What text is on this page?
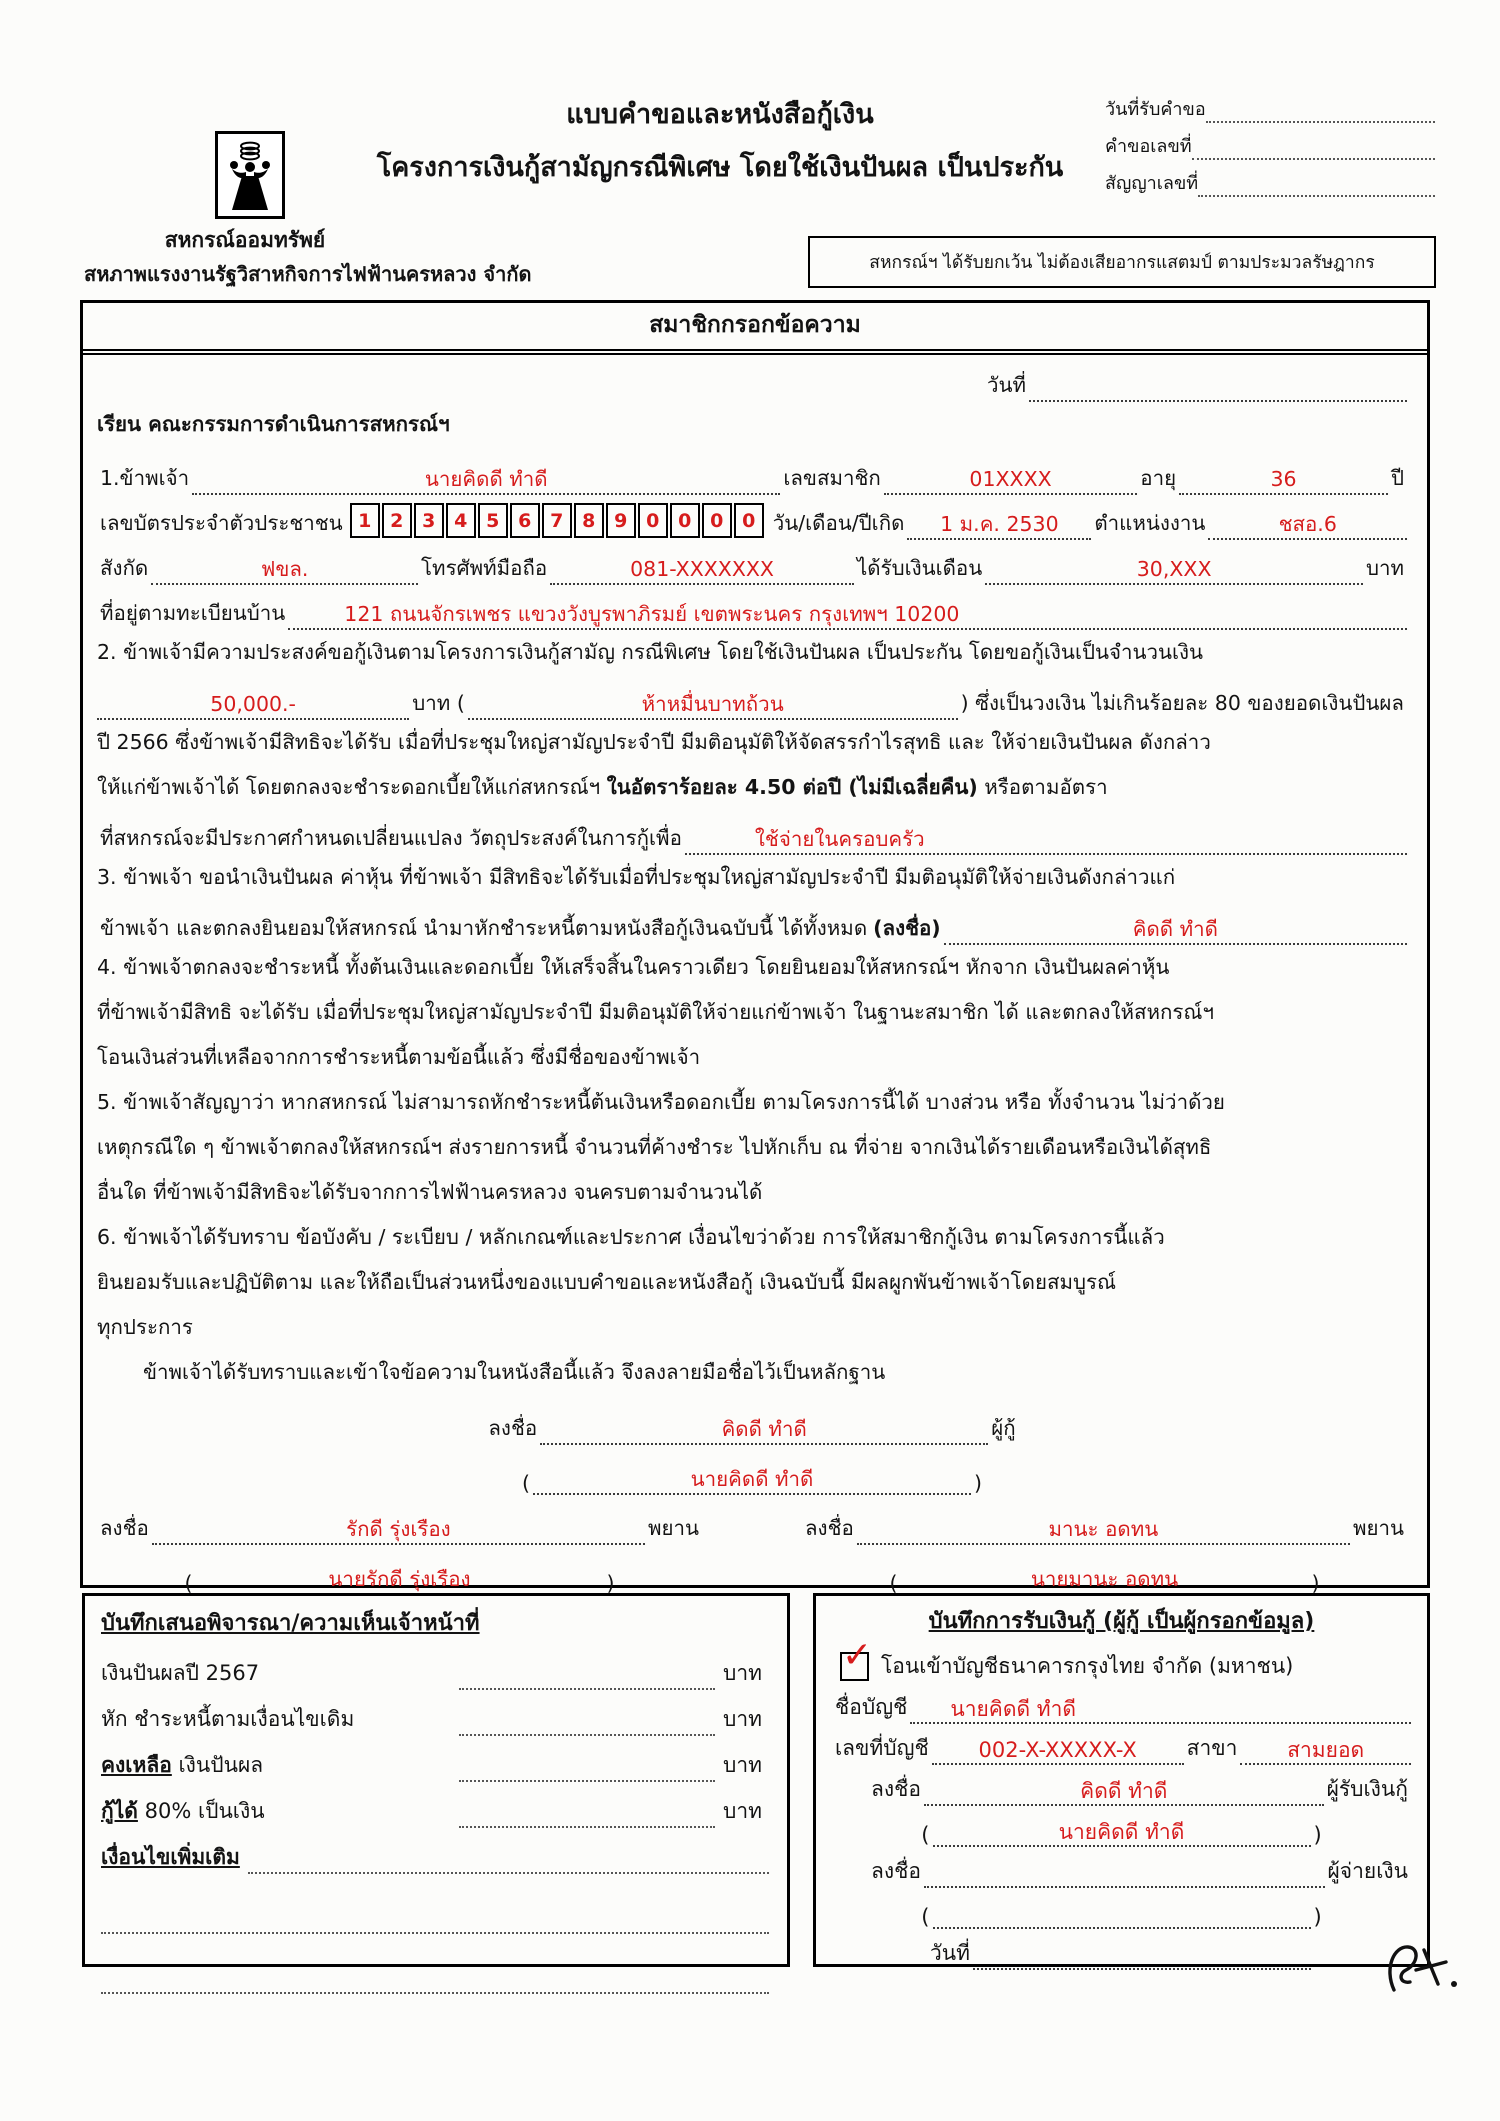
สหกรณ์ออมทรัพย์
สหภาพแรงงานรัฐวิสาหกิจการไฟฟ้านครหลวง จำกัด
แบบคำขอและหนังสือกู้เงิน
โครงการเงินกู้สามัญกรณีพิเศษ โดยใช้เงินปันผล เป็นประกัน
วันที่รับคำขอ
คำขอเลขที่
สัญญาเลขที่
สหกรณ์ฯ ได้รับยกเว้น ไม่ต้องเสียอากรแสตมป์ ตามประมวลรัษฎากร
สมาชิกกรอกข้อความ
วันที่
เรียน คณะกรรมการดำเนินการสหกรณ์ฯ
1.ข้าพเจ้า	นายคิดดี ทำดี	เลขสมาชิก	01XXXX	อายุ	36	ปี
เลขบัตรประจำตัวประชาชน 1 2 3 4 5 6 7 8 9 0 0 0 0 วัน/เดือน/ปีเกิด	1 ม.ค. 2530	ตำแหน่งงาน	ชสอ.6
สังกัด	ฟขล.	โทรศัพท์มือถือ	081-XXXXXXX	ได้รับเงินเดือน	30,XXX	บาท
ที่อยู่ตามทะเบียนบ้าน	121 ถนนจักรเพชร แขวงวังบูรพาภิรมย์ เขตพระนคร กรุงเทพฯ 10200
2. ข้าพเจ้ามีความประสงค์ขอกู้เงินตามโครงการเงินกู้สามัญ กรณีพิเศษ โดยใช้เงินปันผล เป็นประกัน โดยขอกู้เงินเป็นจำนวนเงิน
50,000.-	บาท (	ห้าหมื่นบาทถ้วน	) ซึ่งเป็นวงเงิน ไม่เกินร้อยละ 80 ของยอดเงินปันผล
ปี 2566 ซึ่งข้าพเจ้ามีสิทธิจะได้รับ เมื่อที่ประชุมใหญ่สามัญประจำปี มีมติอนุมัติให้จัดสรรกำไรสุทธิ และ ให้จ่ายเงินปันผล ดังกล่าว
ให้แก่ข้าพเจ้าได้ โดยตกลงจะชำระดอกเบี้ยให้แก่สหกรณ์ฯ ในอัตราร้อยละ 4.50 ต่อปี (ไม่มีเฉลี่ยคืน) หรือตามอัตรา
ที่สหกรณ์จะมีประกาศกำหนดเปลี่ยนแปลง วัตถุประสงค์ในการกู้เพื่อ	ใช้จ่ายในครอบครัว
3. ข้าพเจ้า ขอนำเงินปันผล ค่าหุ้น ที่ข้าพเจ้า มีสิทธิจะได้รับเมื่อที่ประชุมใหญ่สามัญประจำปี มีมติอนุมัติให้จ่ายเงินดังกล่าวแก่
ข้าพเจ้า และตกลงยินยอมให้สหกรณ์ นำมาหักชำระหนี้ตามหนังสือกู้เงินฉบับนี้ ได้ทั้งหมด (ลงชื่อ)	คิดดี ทำดี
4. ข้าพเจ้าตกลงจะชำระหนี้ ทั้งต้นเงินและดอกเบี้ย ให้เสร็จสิ้นในคราวเดียว โดยยินยอมให้สหกรณ์ฯ หักจาก เงินปันผลค่าหุ้น
ที่ข้าพเจ้ามีสิทธิ จะได้รับ เมื่อที่ประชุมใหญ่สามัญประจำปี มีมติอนุมัติให้จ่ายแก่ข้าพเจ้า ในฐานะสมาชิก ได้ และตกลงให้สหกรณ์ฯ
โอนเงินส่วนที่เหลือจากการชำระหนี้ตามข้อนี้แล้ว ซึ่งมีชื่อของข้าพเจ้า
5. ข้าพเจ้าสัญญาว่า หากสหกรณ์ ไม่สามารถหักชำระหนี้ต้นเงินหรือดอกเบี้ย ตามโครงการนี้ได้ บางส่วน หรือ ทั้งจำนวน ไม่ว่าด้วย
เหตุกรณีใด ๆ ข้าพเจ้าตกลงให้สหกรณ์ฯ ส่งรายการหนี้ จำนวนที่ค้างชำระ ไปหักเก็บ ณ ที่จ่าย จากเงินได้รายเดือนหรือเงินได้สุทธิ
อื่นใด ที่ข้าพเจ้ามีสิทธิจะได้รับจากการไฟฟ้านครหลวง จนครบตามจำนวนได้
6. ข้าพเจ้าได้รับทราบ ข้อบังคับ / ระเบียบ / หลักเกณฑ์และประกาศ เงื่อนไขว่าด้วย การให้สมาชิกกู้เงิน ตามโครงการนี้แล้ว
ยินยอมรับและปฏิบัติตาม และให้ถือเป็นส่วนหนึ่งของแบบคำขอและหนังสือกู้ เงินฉบับนี้ มีผลผูกพันข้าพเจ้าโดยสมบูรณ์
ทุกประการ
ข้าพเจ้าได้รับทราบและเข้าใจข้อความในหนังสือนี้แล้ว จึงลงลายมือชื่อไว้เป็นหลักฐาน
ลงชื่อ	คิดดี ทำดี	ผู้กู้
(	นายคิดดี ทำดี	)
ลงชื่อ	รักดี รุ่งเรือง	พยาน	ลงชื่อ	มานะ อดทน	พยาน
(	นายรักดี รุ่งเรือง	)	(	นายมานะ อดทน	)
บันทึกเสนอพิจารณา/ความเห็นเจ้าหน้าที่
เงินปันผลปี 2567	บาท
หัก ชำระหนี้ตามเงื่อนไขเดิม	บาท
คงเหลือ เงินปันผล	บาท
กู้ได้ 80% เป็นเงิน	บาท
เงื่อนไขเพิ่มเติม
บันทึกการรับเงินกู้ (ผู้กู้ เป็นผู้กรอกข้อมูล)
✓ โอนเข้าบัญชีธนาคารกรุงไทย จำกัด (มหาชน)
ชื่อบัญชี	นายคิดดี ทำดี
เลขที่บัญชี	002-X-XXXXX-X	สาขา	สามยอด
ลงชื่อ	คิดดี ทำดี	ผู้รับเงินกู้
(	นายคิดดี ทำดี	)
ลงชื่อ	ผู้จ่ายเงิน
(	)
วันที่
